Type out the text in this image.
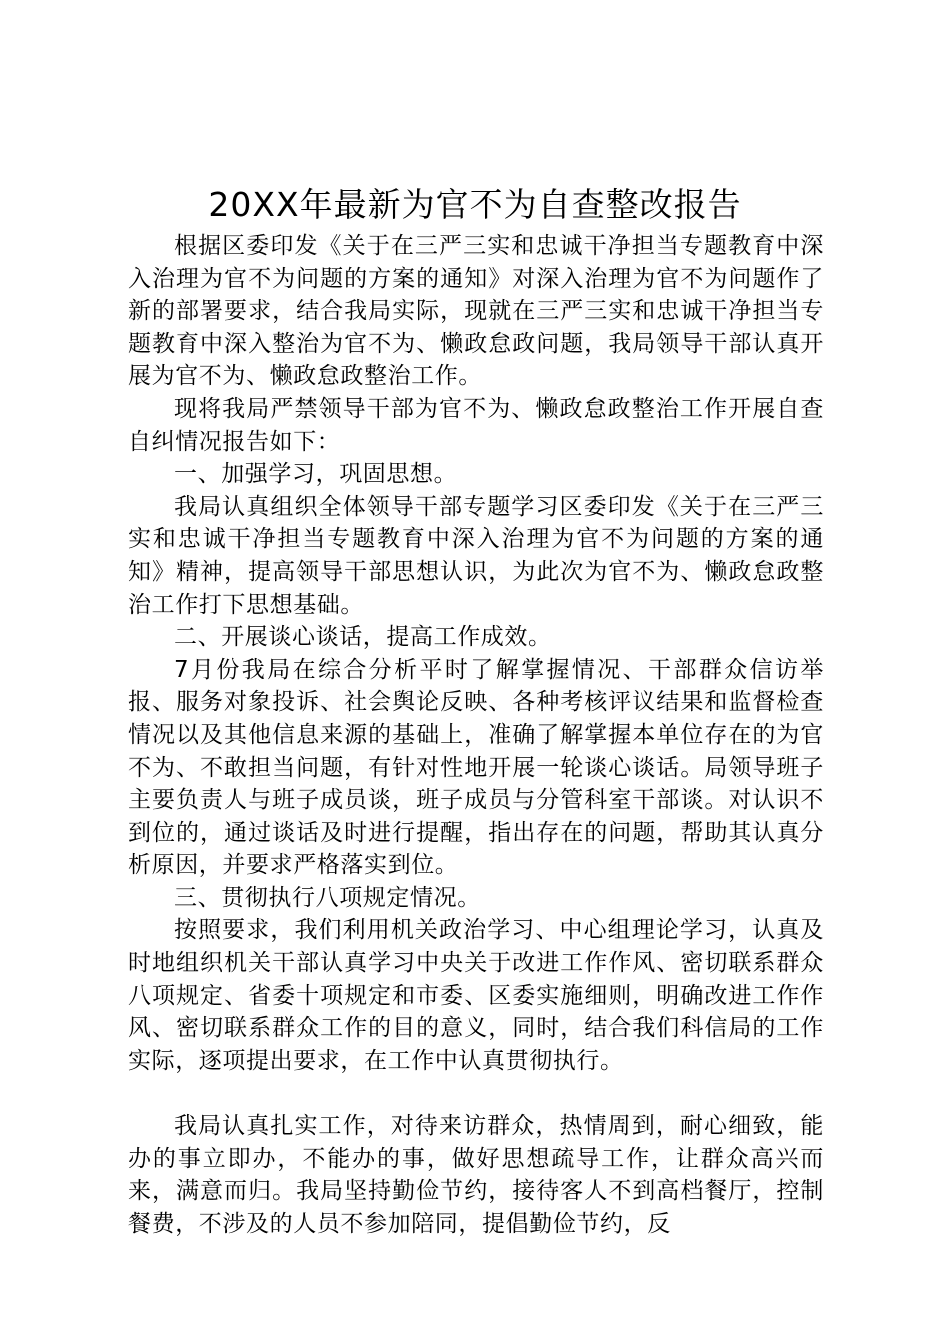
20XX年最新为官不为自查整改报告

根据区委印发《关于在三严三实和忠诚干净担当专题教育中深入治理为官不为问题的方案的通知》对深入治理为官不为问题作了新的部署要求，结合我局实际，现就在三严三实和忠诚干净担当专题教育中深入整治为官不为、懒政怠政问题，我局领导干部认真开展为官不为、懒政怠政整治工作。

现将我局严禁领导干部为官不为、懒政怠政整治工作开展自查自纠情况报告如下：

一、加强学习，巩固思想。

我局认真组织全体领导干部专题学习区委印发《关于在三严三实和忠诚干净担当专题教育中深入治理为官不为问题的方案的通知》精神，提高领导干部思想认识，为此次为官不为、懒政怠政整治工作打下思想基础。

二、开展谈心谈话，提高工作成效。

7月份我局在综合分析平时了解掌握情况、干部群众信访举报、服务对象投诉、社会舆论反映、各种考核评议结果和监督检查情况以及其他信息来源的基础上，准确了解掌握本单位存在的为官不为、不敢担当问题，有针对性地开展一轮谈心谈话。局领导班子主要负责人与班子成员谈，班子成员与分管科室干部谈。对认识不到位的，通过谈话及时进行提醒，指出存在的问题，帮助其认真分析原因，并要求严格落实到位。

三、贯彻执行八项规定情况。

按照要求，我们利用机关政治学习、中心组理论学习，认真及时地组织机关干部认真学习中央关于改进工作作风、密切联系群众八项规定、省委十项规定和市委、区委实施细则，明确改进工作作风、密切联系群众工作的目的意义，同时，结合我们科信局的工作实际，逐项提出要求，在工作中认真贯彻执行。

我局认真扎实工作，对待来访群众，热情周到，耐心细致，能办的事立即办，不能办的事，做好思想疏导工作，让群众高兴而来，满意而归。我局坚持勤俭节约，接待客人不到高档餐厅，控制餐费，不涉及的人员不参加陪同，提倡勤俭节约，反
